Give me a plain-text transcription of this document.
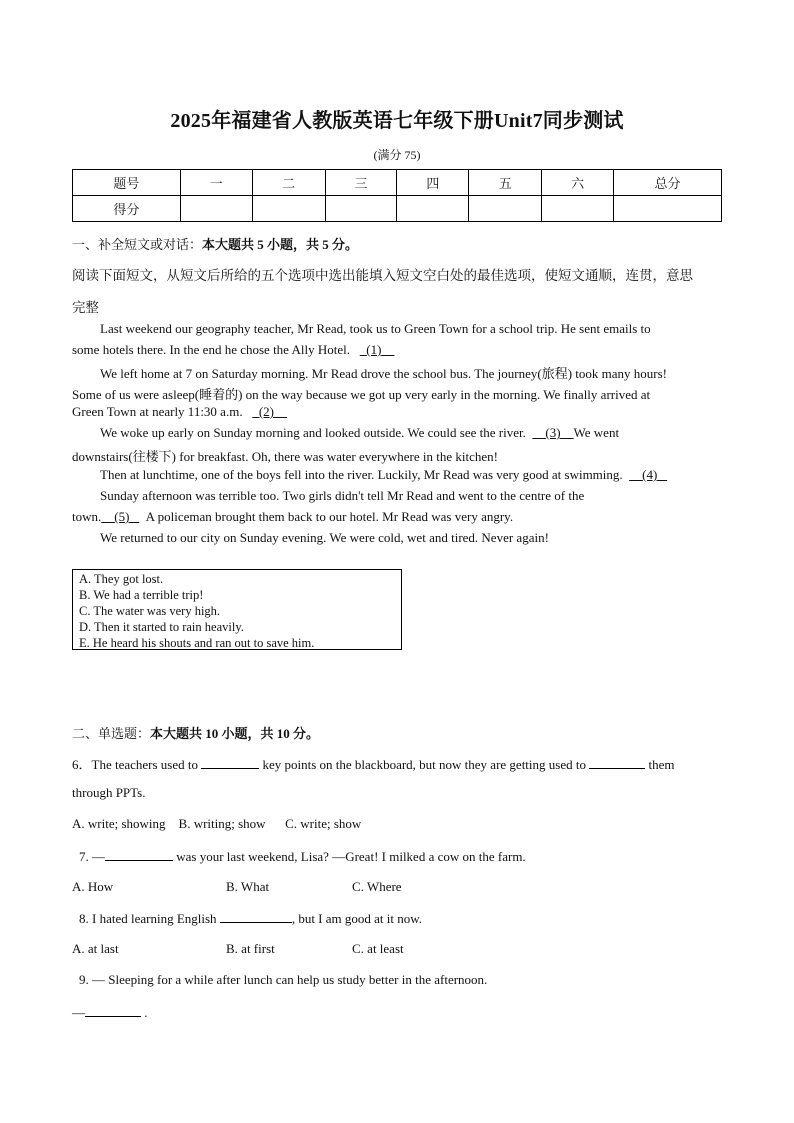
2025年福建省人教版英语七年级下册Unit7同步测试
(满分 75)
题号	一	二	三	四	五	六	总分
得分							
一、补全短文或对话：本大题共 5 小题，共 5 分。
阅读下面短文，从短文后所给的五个选项中选出能填入短文空白处的最佳选项，使短文通顺，连贯，意思
完整
Last weekend our geography teacher, Mr Read, took us to Green Town for a school trip. He sent emails to
some hotels there. In the end he chose the Ally Hotel. (1)
We left home at 7 on Saturday morning. Mr Read drove the school bus. The journey(旅程) took many hours!
Some of us were asleep(睡着的) on the way because we got up very early in the morning. We finally arrived at
Green Town at nearly 11:30 a.m. (2)
We woke up early on Sunday morning and looked outside. We could see the river. (3) We went
downstairs(往楼下) for breakfast. Oh, there was water everywhere in the kitchen!
Then at lunchtime, one of the boys fell into the river. Luckily, Mr Read was very good at swimming. (4)
Sunday afternoon was terrible too. Two girls didn't tell Mr Read and went to the centre of the
town. (5) A policeman brought them back to our hotel. Mr Read was very angry.
We returned to our city on Sunday evening. We were cold, wet and tired. Never again!
A. They got lost.
B. We had a terrible trip!
C. The water was very high.
D. Then it started to rain heavily.
E. He heard his shouts and ran out to save him.
二、单选题：本大题共 10 小题，共 10 分。
6．The teachers used to	key points on the blackboard, but now they are getting used to	them
through PPTs.
A. write; showing B. writing; show C. write; show
7. —	was your last weekend, Lisa? —Great! I milked a cow on the farm.
A. How	B. What	C. Where
8. I hated learning English	, but I am good at it now.
A. at last	B. at first	C. at least
9. — Sleeping for a while after lunch can help us study better in the afternoon.
—	.
